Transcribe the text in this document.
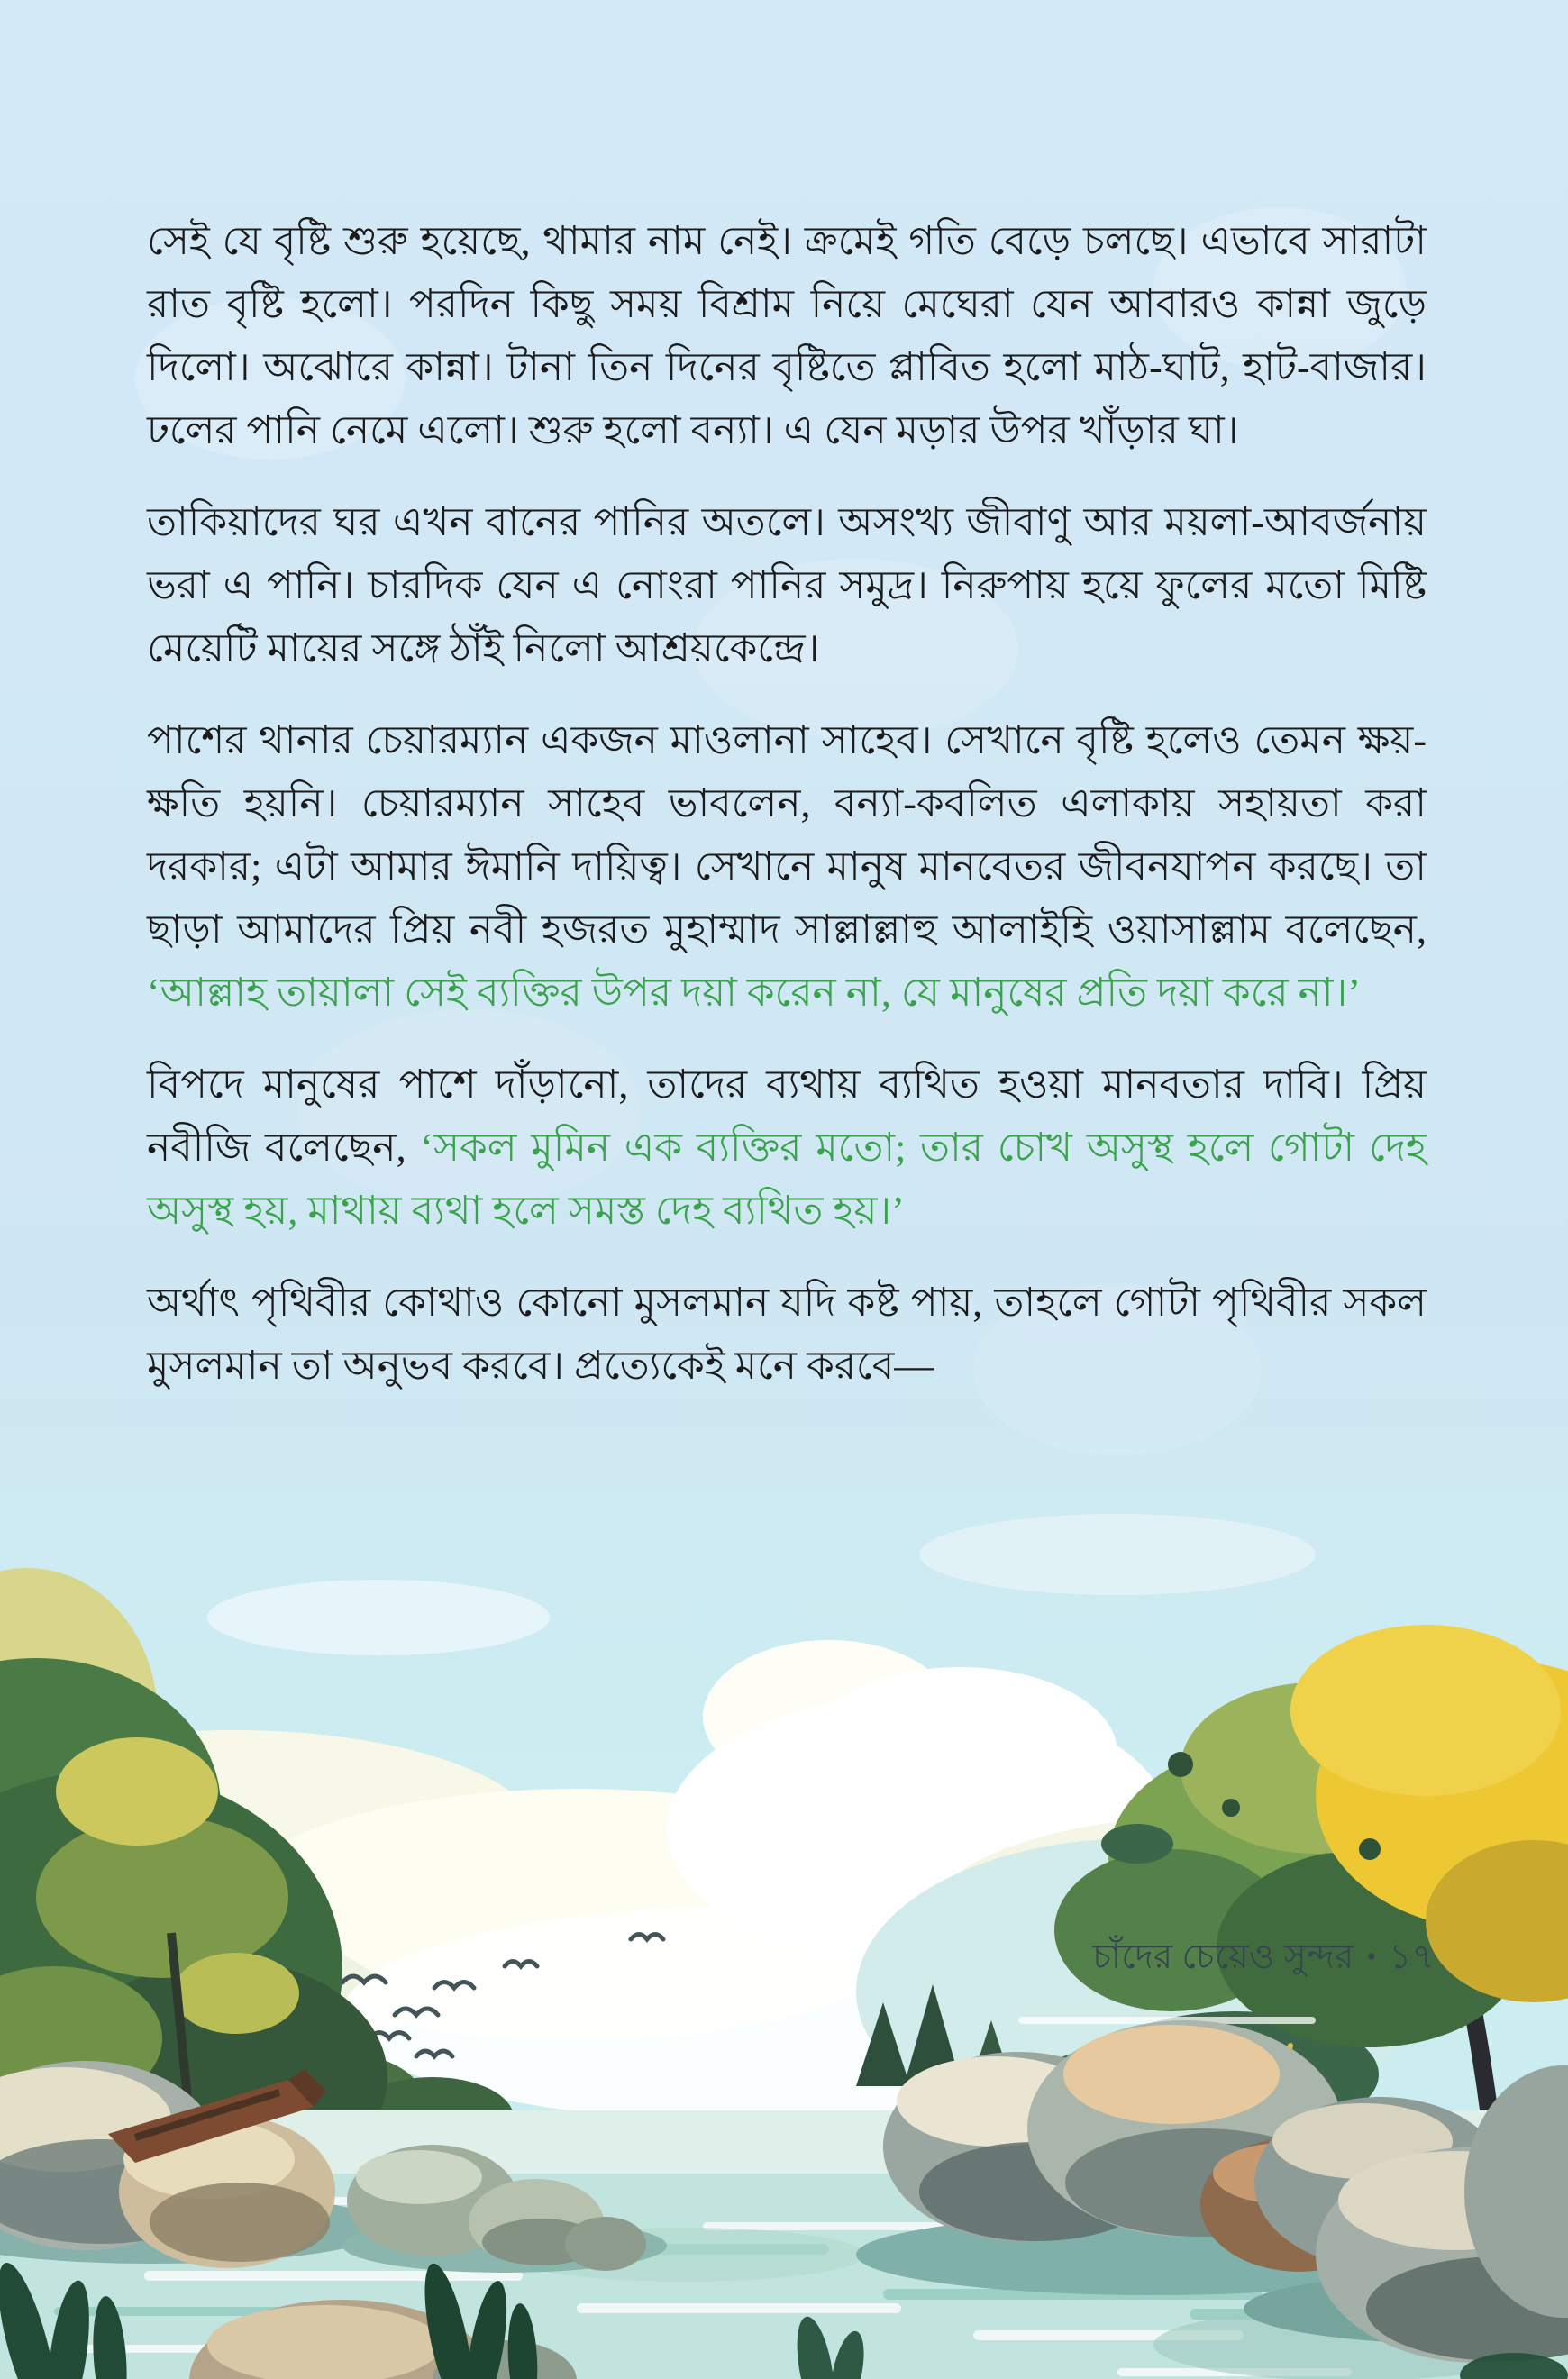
সেই যে বৃষ্টি শুরু হয়েছে, থামার নাম নেই। ক্রমেই গতি বেড়ে চলছে। এভাবে সারাটা রাত বৃষ্টি হলো। পরদিন কিছু সময় বিশ্রাম নিয়ে মেঘেরা যেন আবারও কান্না জুড়ে দিলো। অঝোরে কান্না। টানা তিন দিনের বৃষ্টিতে প্লাবিত হলো মাঠ-ঘাট, হাট-বাজার। ঢলের পানি নেমে এলো। শুরু হলো বন্যা। এ যেন মড়ার উপর খাঁড়ার ঘা।

তাকিয়াদের ঘর এখন বানের পানির অতলে। অসংখ্য জীবাণু আর ময়লা-আবর্জনায় ভরা এ পানি। চারদিক যেন এ নোংরা পানির সমুদ্র। নিরুপায় হয়ে ফুলের মতো মিষ্টি মেয়েটি মায়ের সঙ্গে ঠাঁই নিলো আশ্রয়কেন্দ্রে।

পাশের থানার চেয়ারম্যান একজন মাওলানা সাহেব। সেখানে বৃষ্টি হলেও তেমন ক্ষয়-ক্ষতি হয়নি। চেয়ারম্যান সাহেব ভাবলেন, বন্যা-কবলিত এলাকায় সহায়তা করা দরকার; এটা আমার ঈমানি দায়িত্ব। সেখানে মানুষ মানবেতর জীবনযাপন করছে। তা ছাড়া আমাদের প্রিয় নবী হজরত মুহাম্মাদ সাল্লাল্লাহু আলাইহি ওয়াসাল্লাম বলেছেন, ‘আল্লাহ তায়ালা সেই ব্যক্তির উপর দয়া করেন না, যে মানুষের প্রতি দয়া করে না।’

বিপদে মানুষের পাশে দাঁড়ানো, তাদের ব্যথায় ব্যথিত হওয়া মানবতার দাবি। প্রিয় নবীজি বলেছেন, ‘সকল মুমিন এক ব্যক্তির মতো; তার চোখ অসুস্থ হলে গোটা দেহ অসুস্থ হয়, মাথায় ব্যথা হলে সমস্ত দেহ ব্যথিত হয়।’

অর্থাৎ পৃথিবীর কোথাও কোনো মুসলমান যদি কষ্ট পায়, তাহলে গোটা পৃথিবীর সকল মুসলমান তা অনুভব করবে। প্রত্যেকেই মনে করবে—

চাঁদের চেয়েও সুন্দর • ১৭
